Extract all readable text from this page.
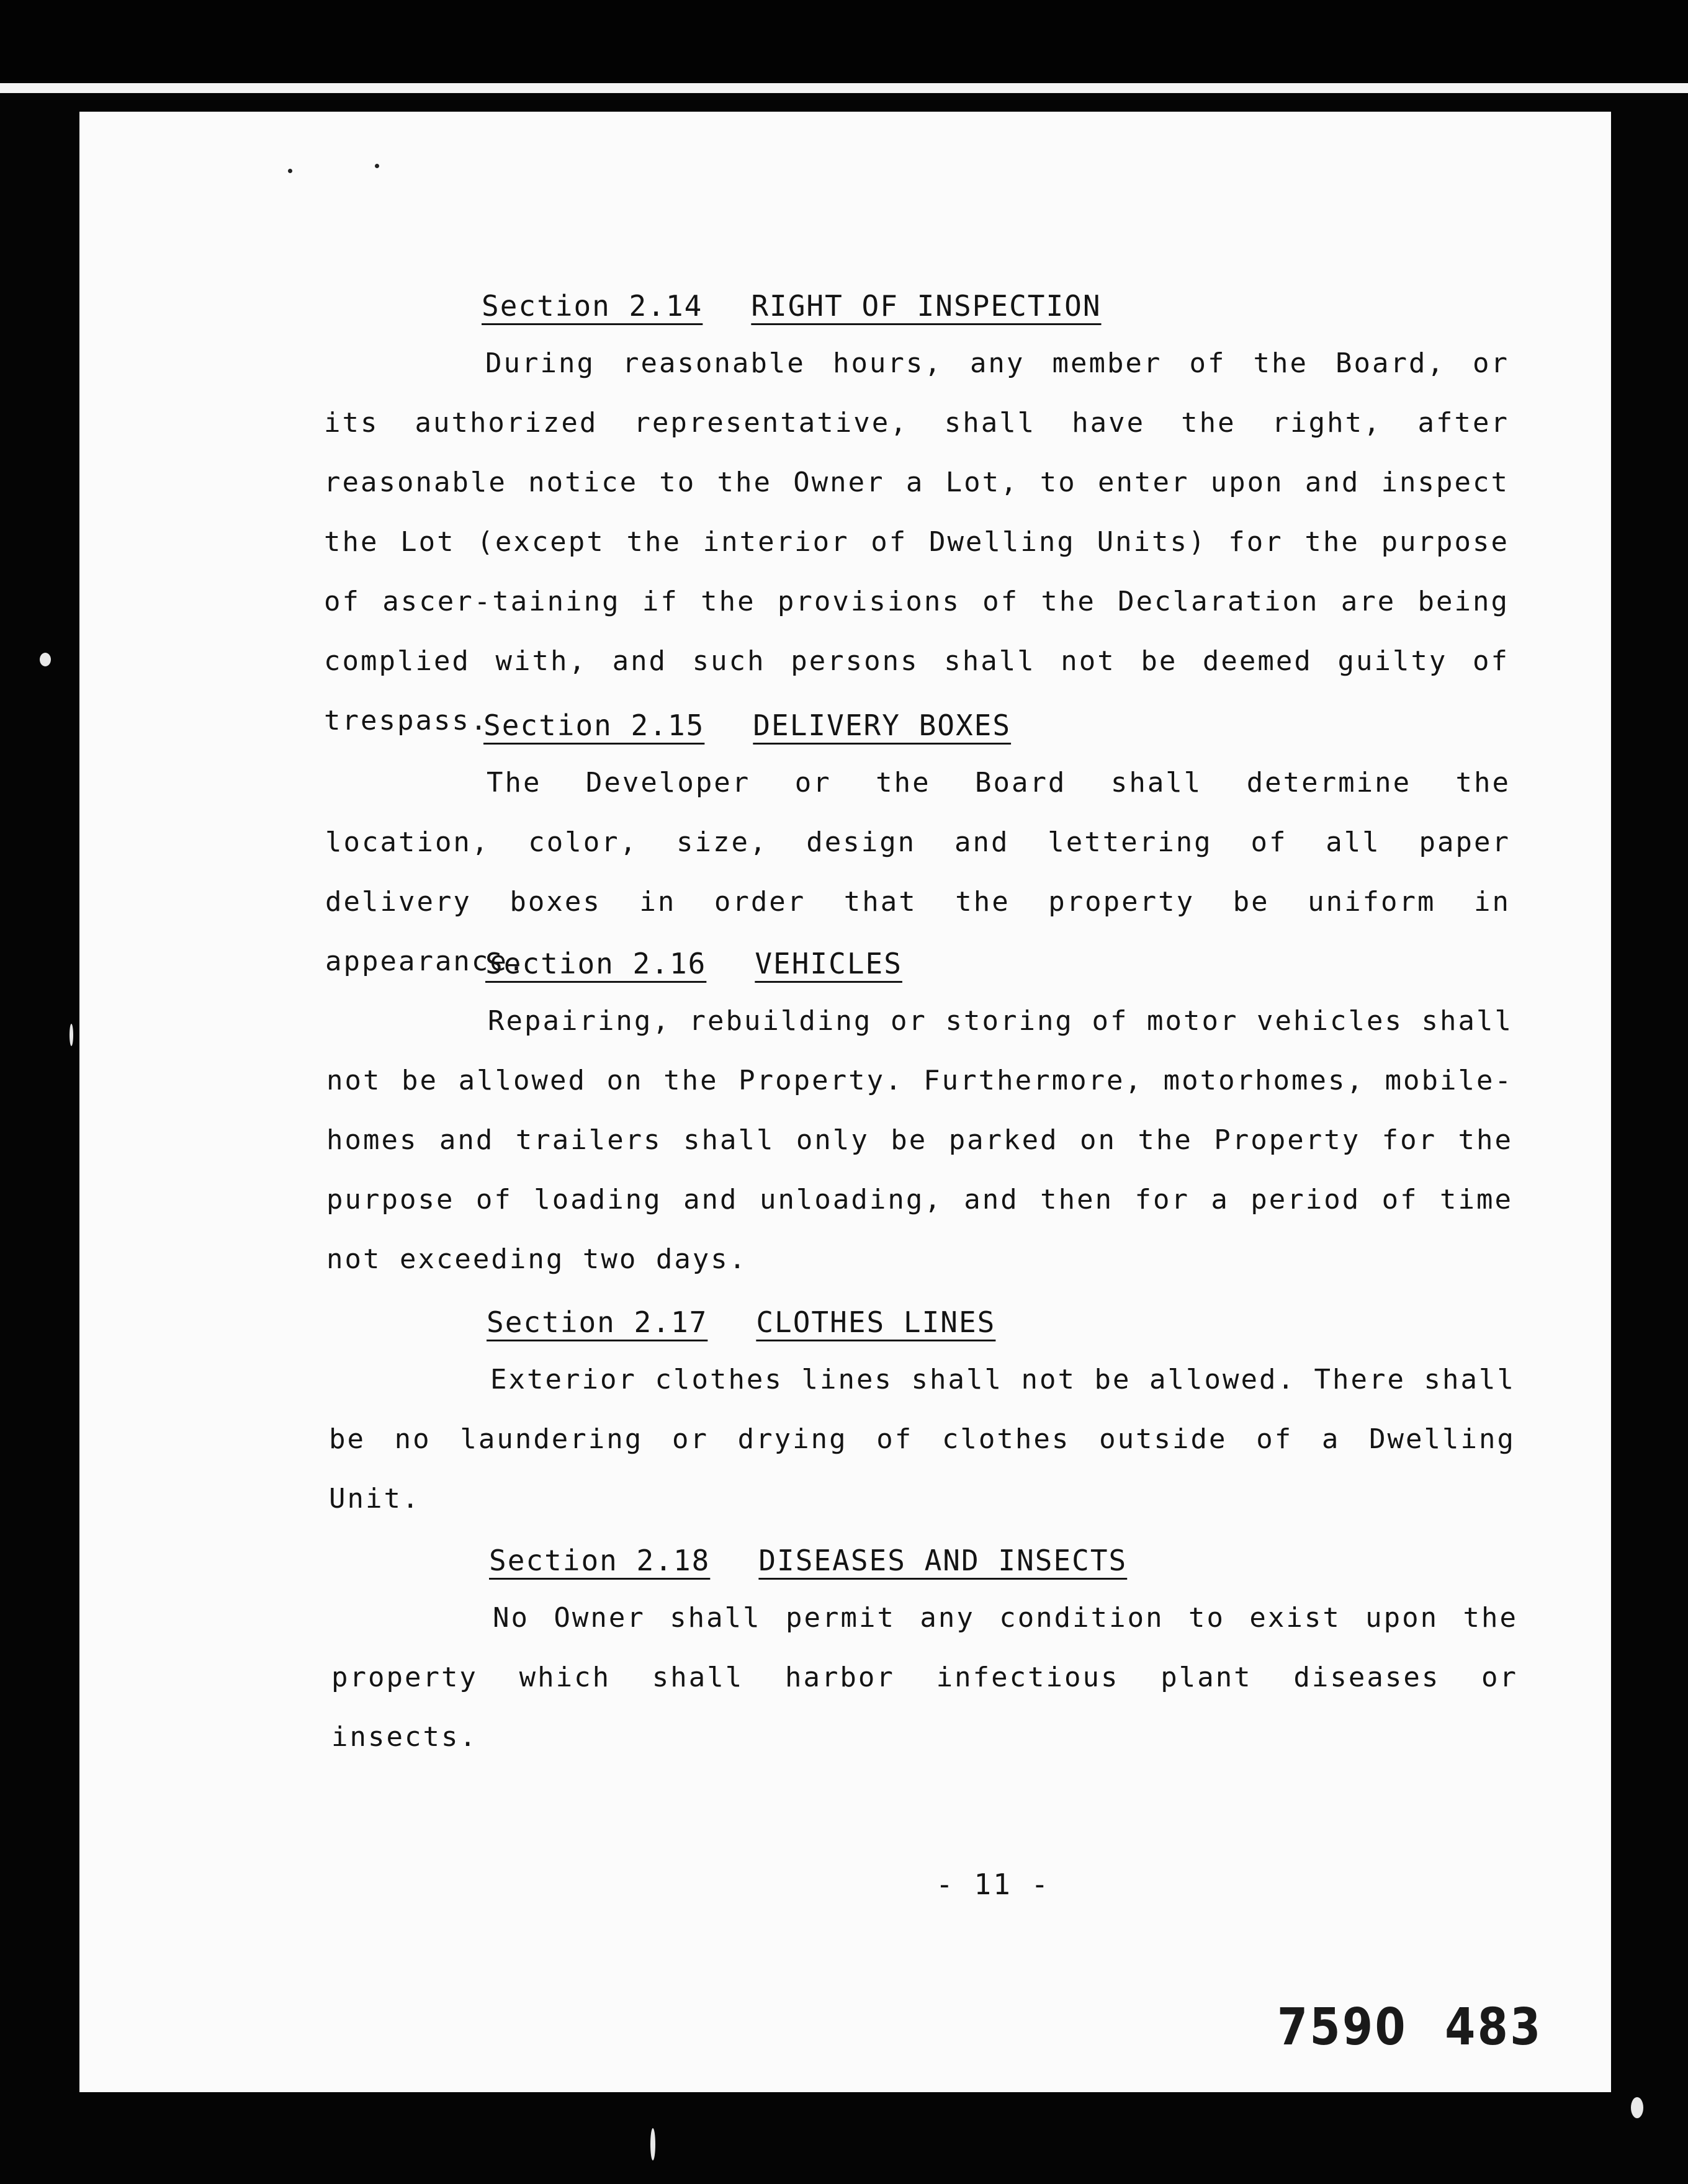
Section 2.14 RIGHT OF INSPECTION
During reasonable hours, any member of the Board, or its authorized representative, shall have the right, after reasonable notice to the Owner a Lot, to enter upon and inspect the Lot (except the interior of Dwelling Units) for the purpose of ascer-taining if the provisions of the Declaration are being complied with, and such persons shall not be deemed guilty of trespass.
Section 2.15 DELIVERY BOXES
The Developer or the Board shall determine the location, color, size, design and lettering of all paper delivery boxes in order that the property be uniform in appearance.
Section 2.16 VEHICLES
Repairing, rebuilding or storing of motor vehicles shall not be allowed on the Property. Furthermore, motorhomes, mobile-homes and trailers shall only be parked on the Property for the purpose of loading and unloading, and then for a period of time not exceeding two days.
Section 2.17 CLOTHES LINES
Exterior clothes lines shall not be allowed. There shall be no laundering or drying of clothes outside of a Dwelling Unit.
Section 2.18 DISEASES AND INSECTS
No Owner shall permit any condition to exist upon the property which shall harbor infectious plant diseases or insects.
- 11 -
7590 483
